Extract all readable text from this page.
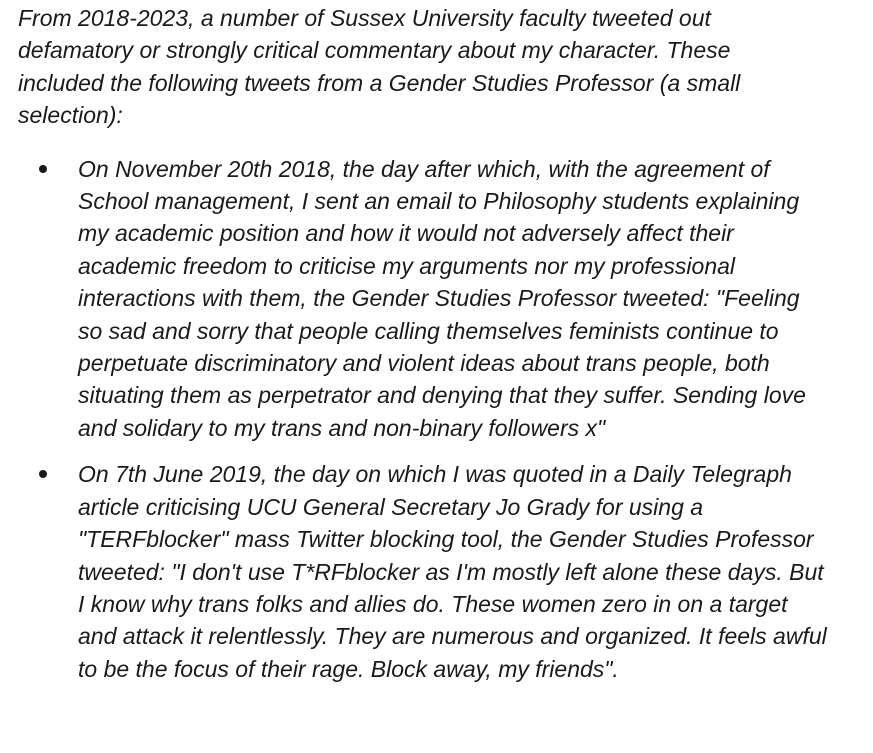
From 2018-2023, a number of Sussex University faculty tweeted out defamatory or strongly critical commentary about my character. These included the following tweets from a Gender Studies Professor (a small selection):

On November 20th 2018, the day after which, with the agreement of School management, I sent an email to Philosophy students explaining my academic position and how it would not adversely affect their academic freedom to criticise my arguments nor my professional interactions with them, the Gender Studies Professor tweeted: "Feeling so sad and sorry that people calling themselves feminists continue to perpetuate discriminatory and violent ideas about trans people, both situating them as perpetrator and denying that they suffer. Sending love and solidary to my trans and non-binary followers x"
On 7th June 2019, the day on which I was quoted in a Daily Telegraph article criticising UCU General Secretary Jo Grady for using a "TERFblocker" mass Twitter blocking tool, the Gender Studies Professor tweeted: "I don't use T*RFblocker as I'm mostly left alone these days. But I know why trans folks and allies do. These women zero in on a target and attack it relentlessly. They are numerous and organized. It feels awful to be the focus of their rage. Block away, my friends".
